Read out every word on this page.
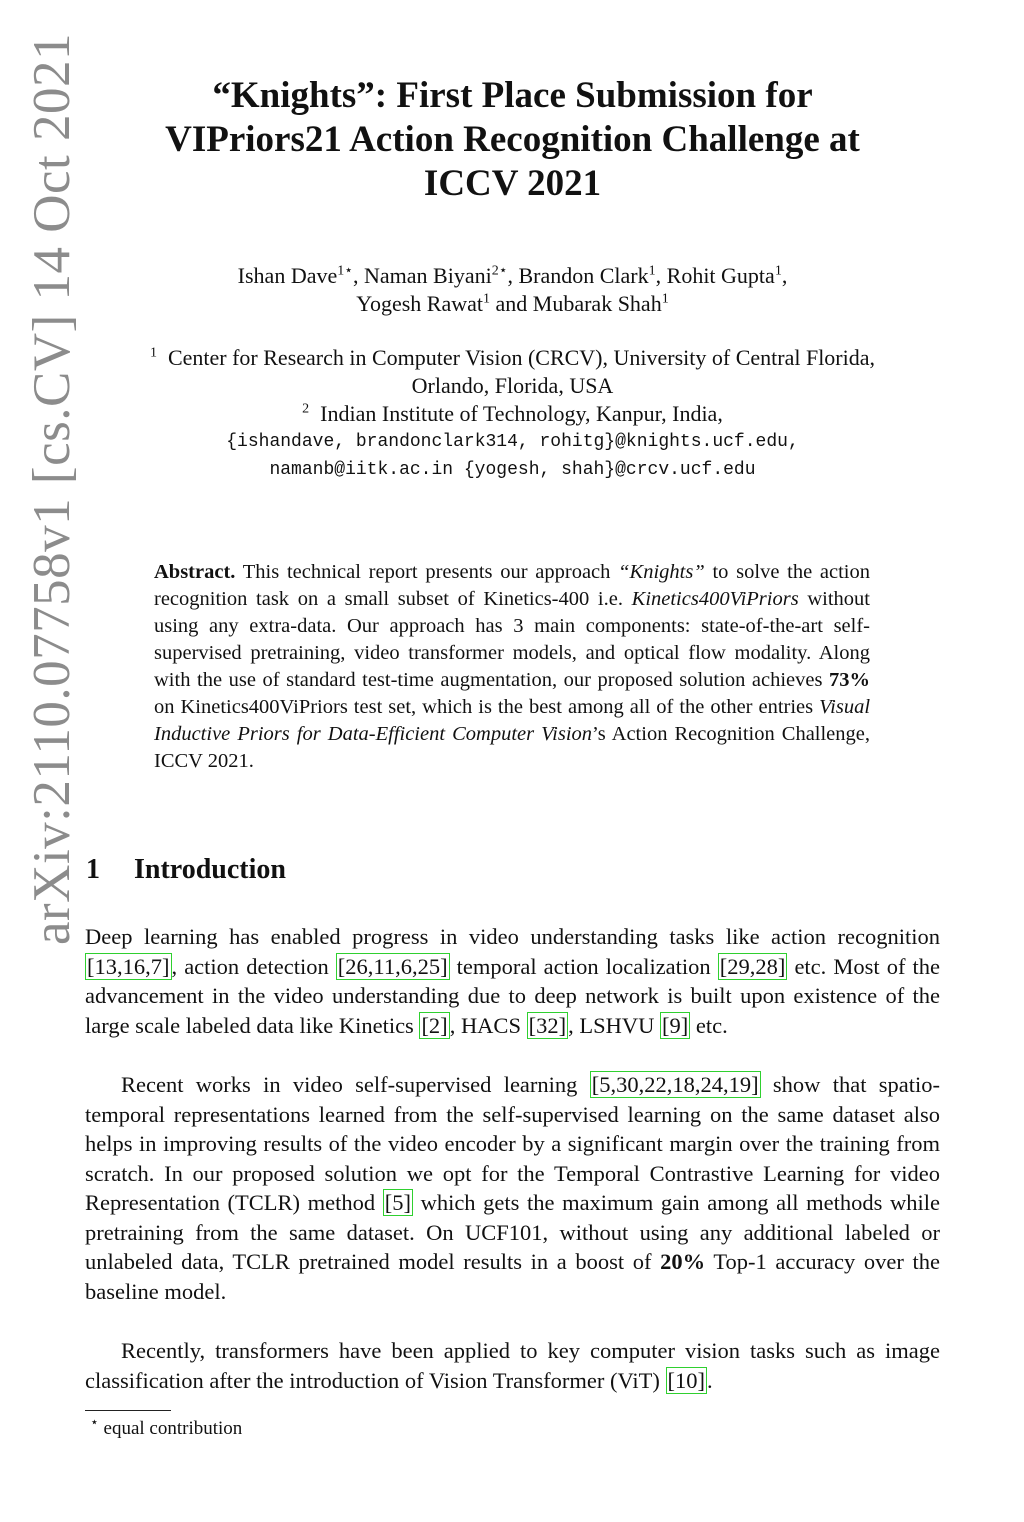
arXiv:2110.07758v1 [cs.CV] 14 Oct 2021	“Knights”: First Place Submission for
VIPriors21 Action Recognition Challenge at
ICCV 2021
Ishan Dave$^{1⋆}$, Naman Biyani$^{2⋆}$, Brandon Clark$^1$, Rohit Gupta$^1$,
Yogesh Rawat$^1$ and Mubarak Shah$^1$
$^1$ Center for Research in Computer Vision (CRCV), University of Central Florida,
Orlando, Florida, USA
$^2$ Indian Institute of Technology, Kanpur, India,
{ishandave, brandonclark314, rohitg}@knights.ucf.edu,
namanb@iitk.ac.in {yogesh, shah}@crcv.ucf.edu
Abstract. This technical report presents our approach “Knights” to solve the action recognition task on a small subset of Kinetics-400 i.e. Kinetics400ViPriors without using any extra-data. Our approach has 3 main components: state-of-the-art self-supervised pretraining, video transformer models, and optical flow modality. Along with the use of standard test-time augmentation, our proposed solution achieves 73% on Kinetics400ViPriors test set, which is the best among all of the other entries Visual Inductive Priors for Data-Efficient Computer Vision’s Action Recognition Challenge, ICCV 2021.
1 Introduction

Deep learning has enabled progress in video understanding tasks like action recognition [13,16,7], action detection [26,11,6,25] temporal action localization [29,28] etc. Most of the advancement in the video understanding due to deep network is built upon existence of the large scale labeled data like Kinetics [2], HACS [32], LSHVU [9] etc.

Recent works in video self-supervised learning [5,30,22,18,24,19] show that spatio-temporal representations learned from the self-supervised learning on the same dataset also helps in improving results of the video encoder by a significant margin over the training from scratch. In our proposed solution we opt for the Temporal Contrastive Learning for video Representation (TCLR) method [5] which gets the maximum gain among all methods while pretraining from the same dataset. On UCF101, without using any additional labeled or unlabeled data, TCLR pretrained model results in a boost of 20% Top-1 accuracy over the baseline model.

Recently, transformers have been applied to key computer vision tasks such as image classification after the introduction of Vision Transformer (ViT) [10].

⋆ equal contribution
